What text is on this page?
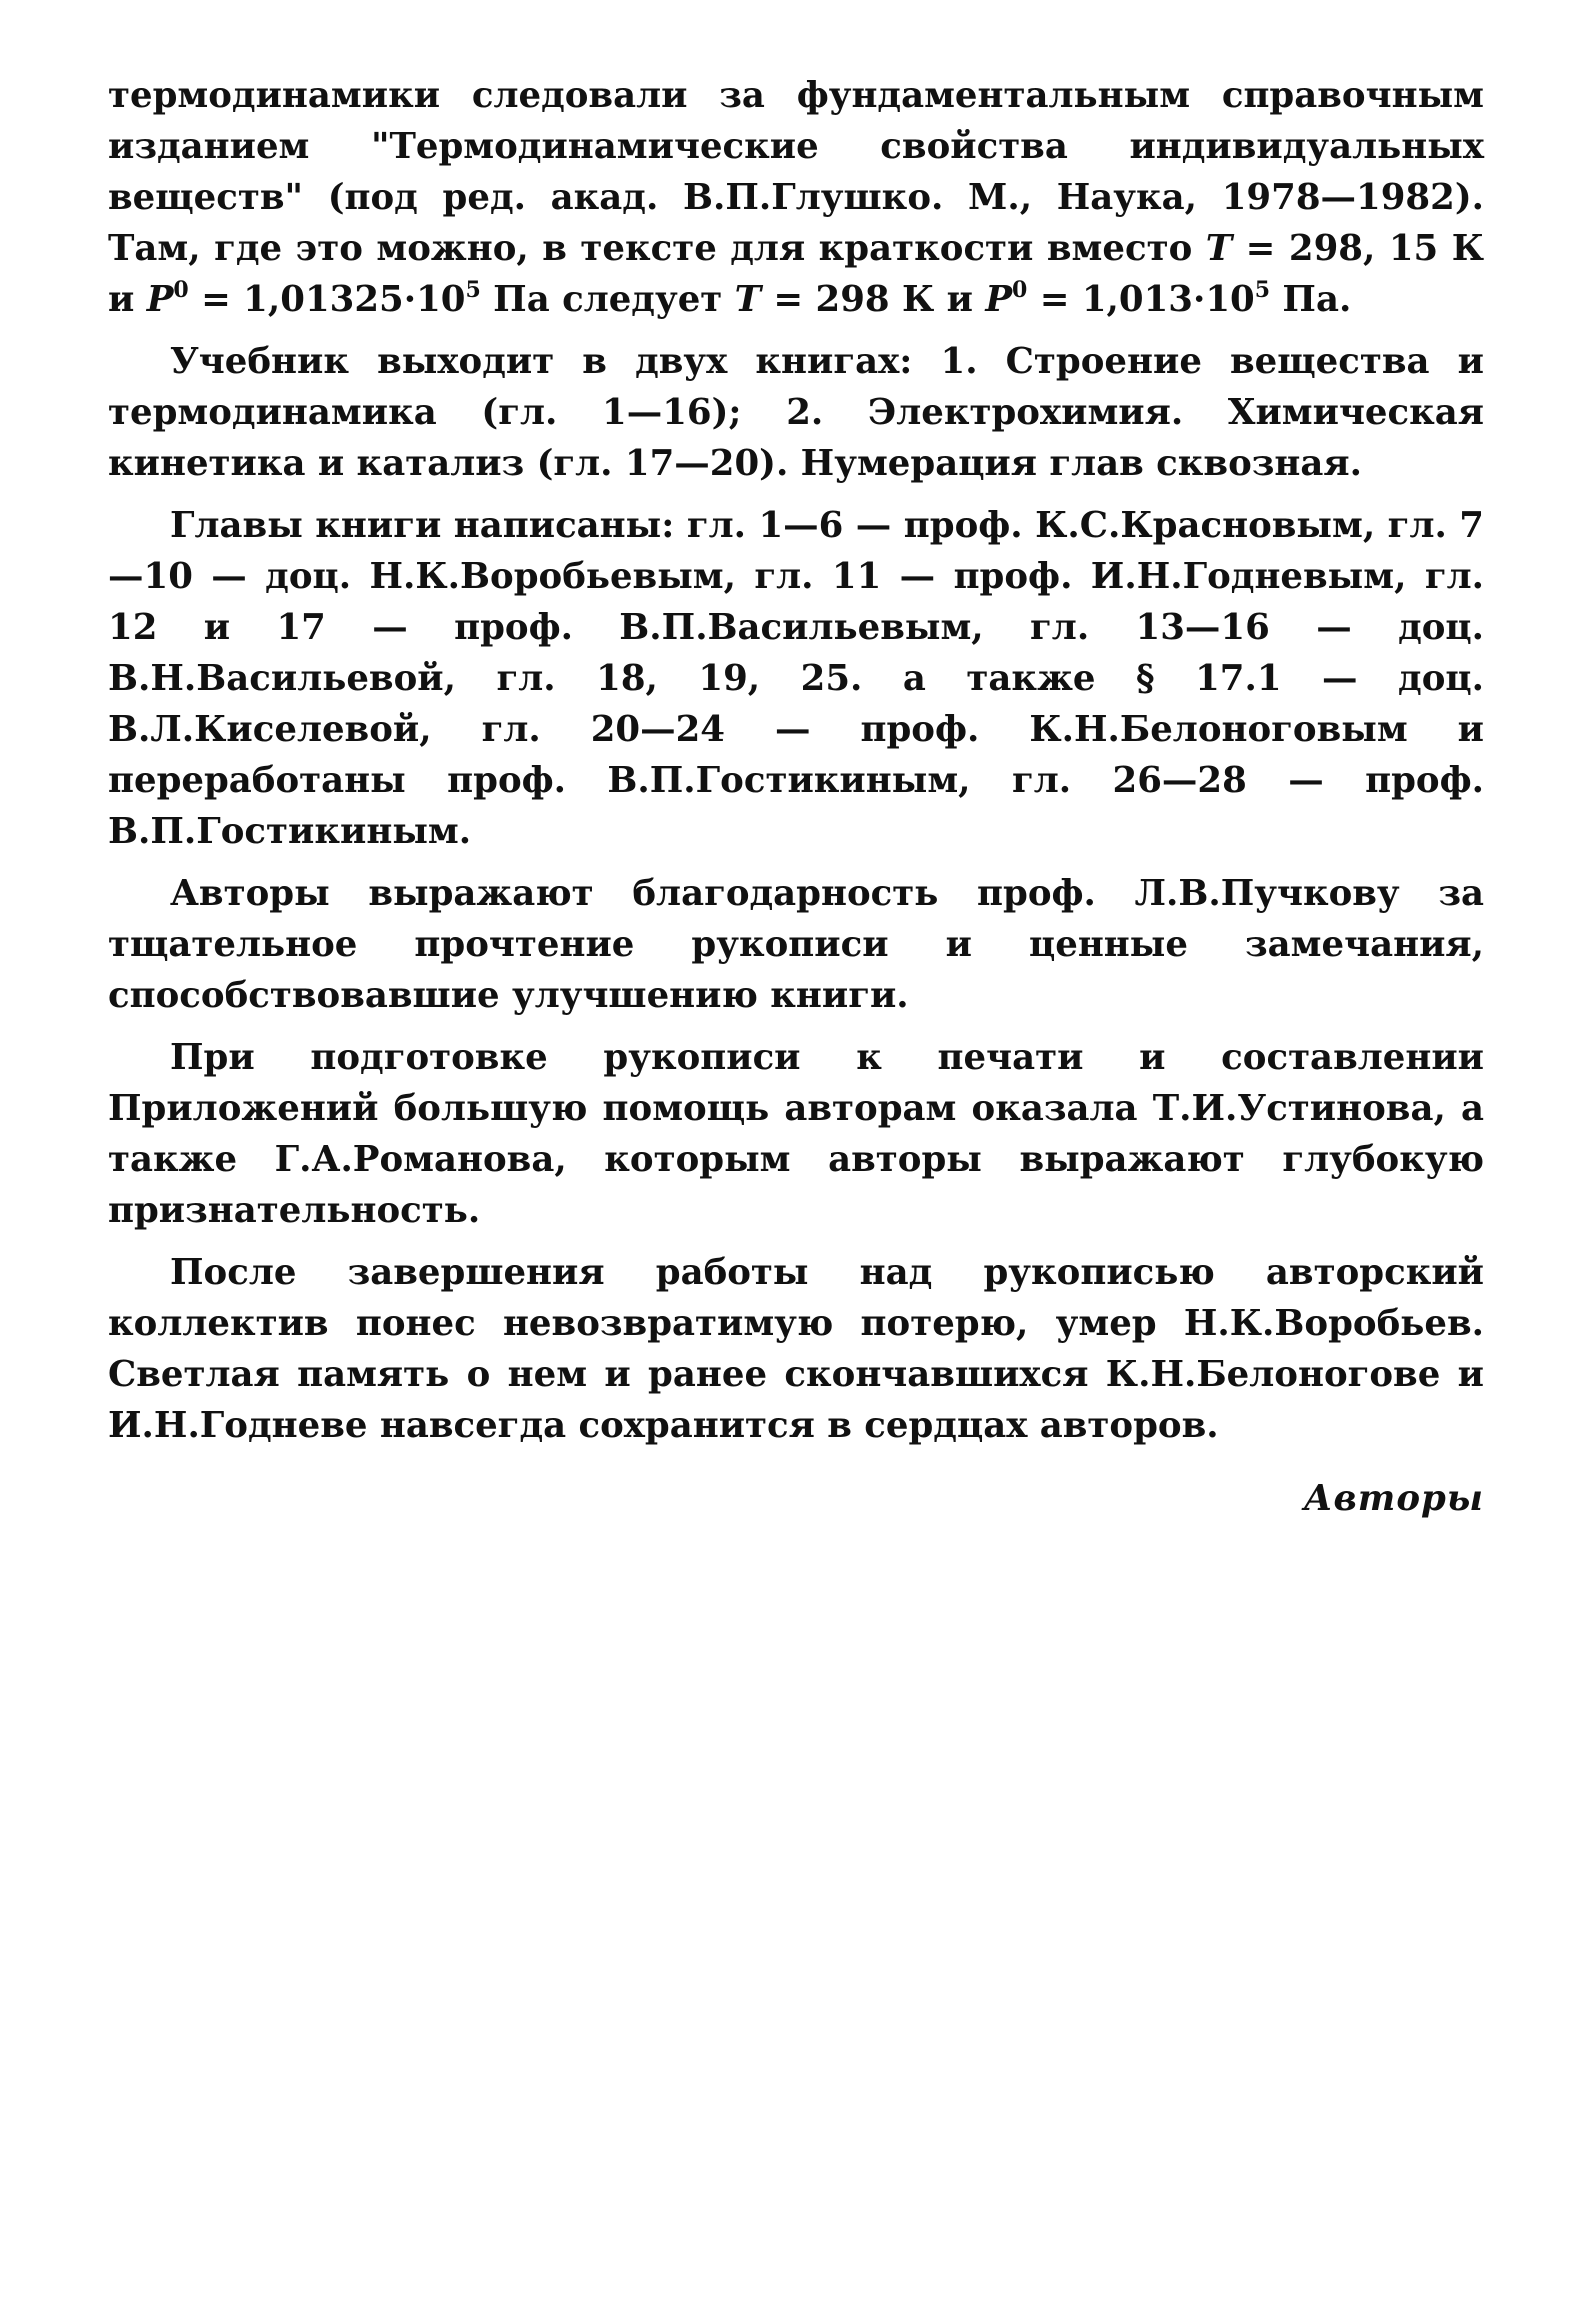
термодинамики следовали за фундаментальным справочным изданием "Термодинамические свойства индивидуальных веществ" (под ред. акад. В.П.Глушко. М., Наука, 1978—1982). Там, где это можно, в тексте для краткости вместо T = 298, 15 К и $P^0 = 1,01325\cdot 10^5$ Па следует T = 298 К и $P^0 = 1,013\cdot 10^5$ Па.

Учебник выходит в двух книгах: 1. Строение вещества и термодинамика (гл. 1—16); 2. Электрохимия. Химическая кинетика и катализ (гл. 17—20). Нумерация глав сквозная.

Главы книги написаны: гл. 1—6 — проф. К.С.Красновым, гл. 7—10 — доц. Н.К.Воробьевым, гл. 11 — проф. И.Н.Годневым, гл. 12 и 17 — проф. В.П.Васильевым, гл. 13—16 — доц. В.Н.Васильевой, гл. 18, 19, 25. а также § 17.1 — доц. В.Л.Киселевой, гл. 20—24 — проф. К.Н.Белоноговым и переработаны проф. В.П.Гостикиным, гл. 26—28 — проф. В.П.Гостикиным.

Авторы выражают благодарность проф. Л.В.Пучкову за тщательное прочтение рукописи и ценные замечания, способствовавшие улучшению книги.

При подготовке рукописи к печати и составлении Приложений большую помощь авторам оказала Т.И.Устинова, а также Г.А.Романова, которым авторы выражают глубокую признательность.

После завершения работы над рукописью авторский коллектив понес невозвратимую потерю, умер Н.К.Воробьев. Светлая память о нем и ранее скончавшихся К.Н.Белоногове и И.Н.Годневе навсегда сохранится в сердцах авторов.

Авторы
